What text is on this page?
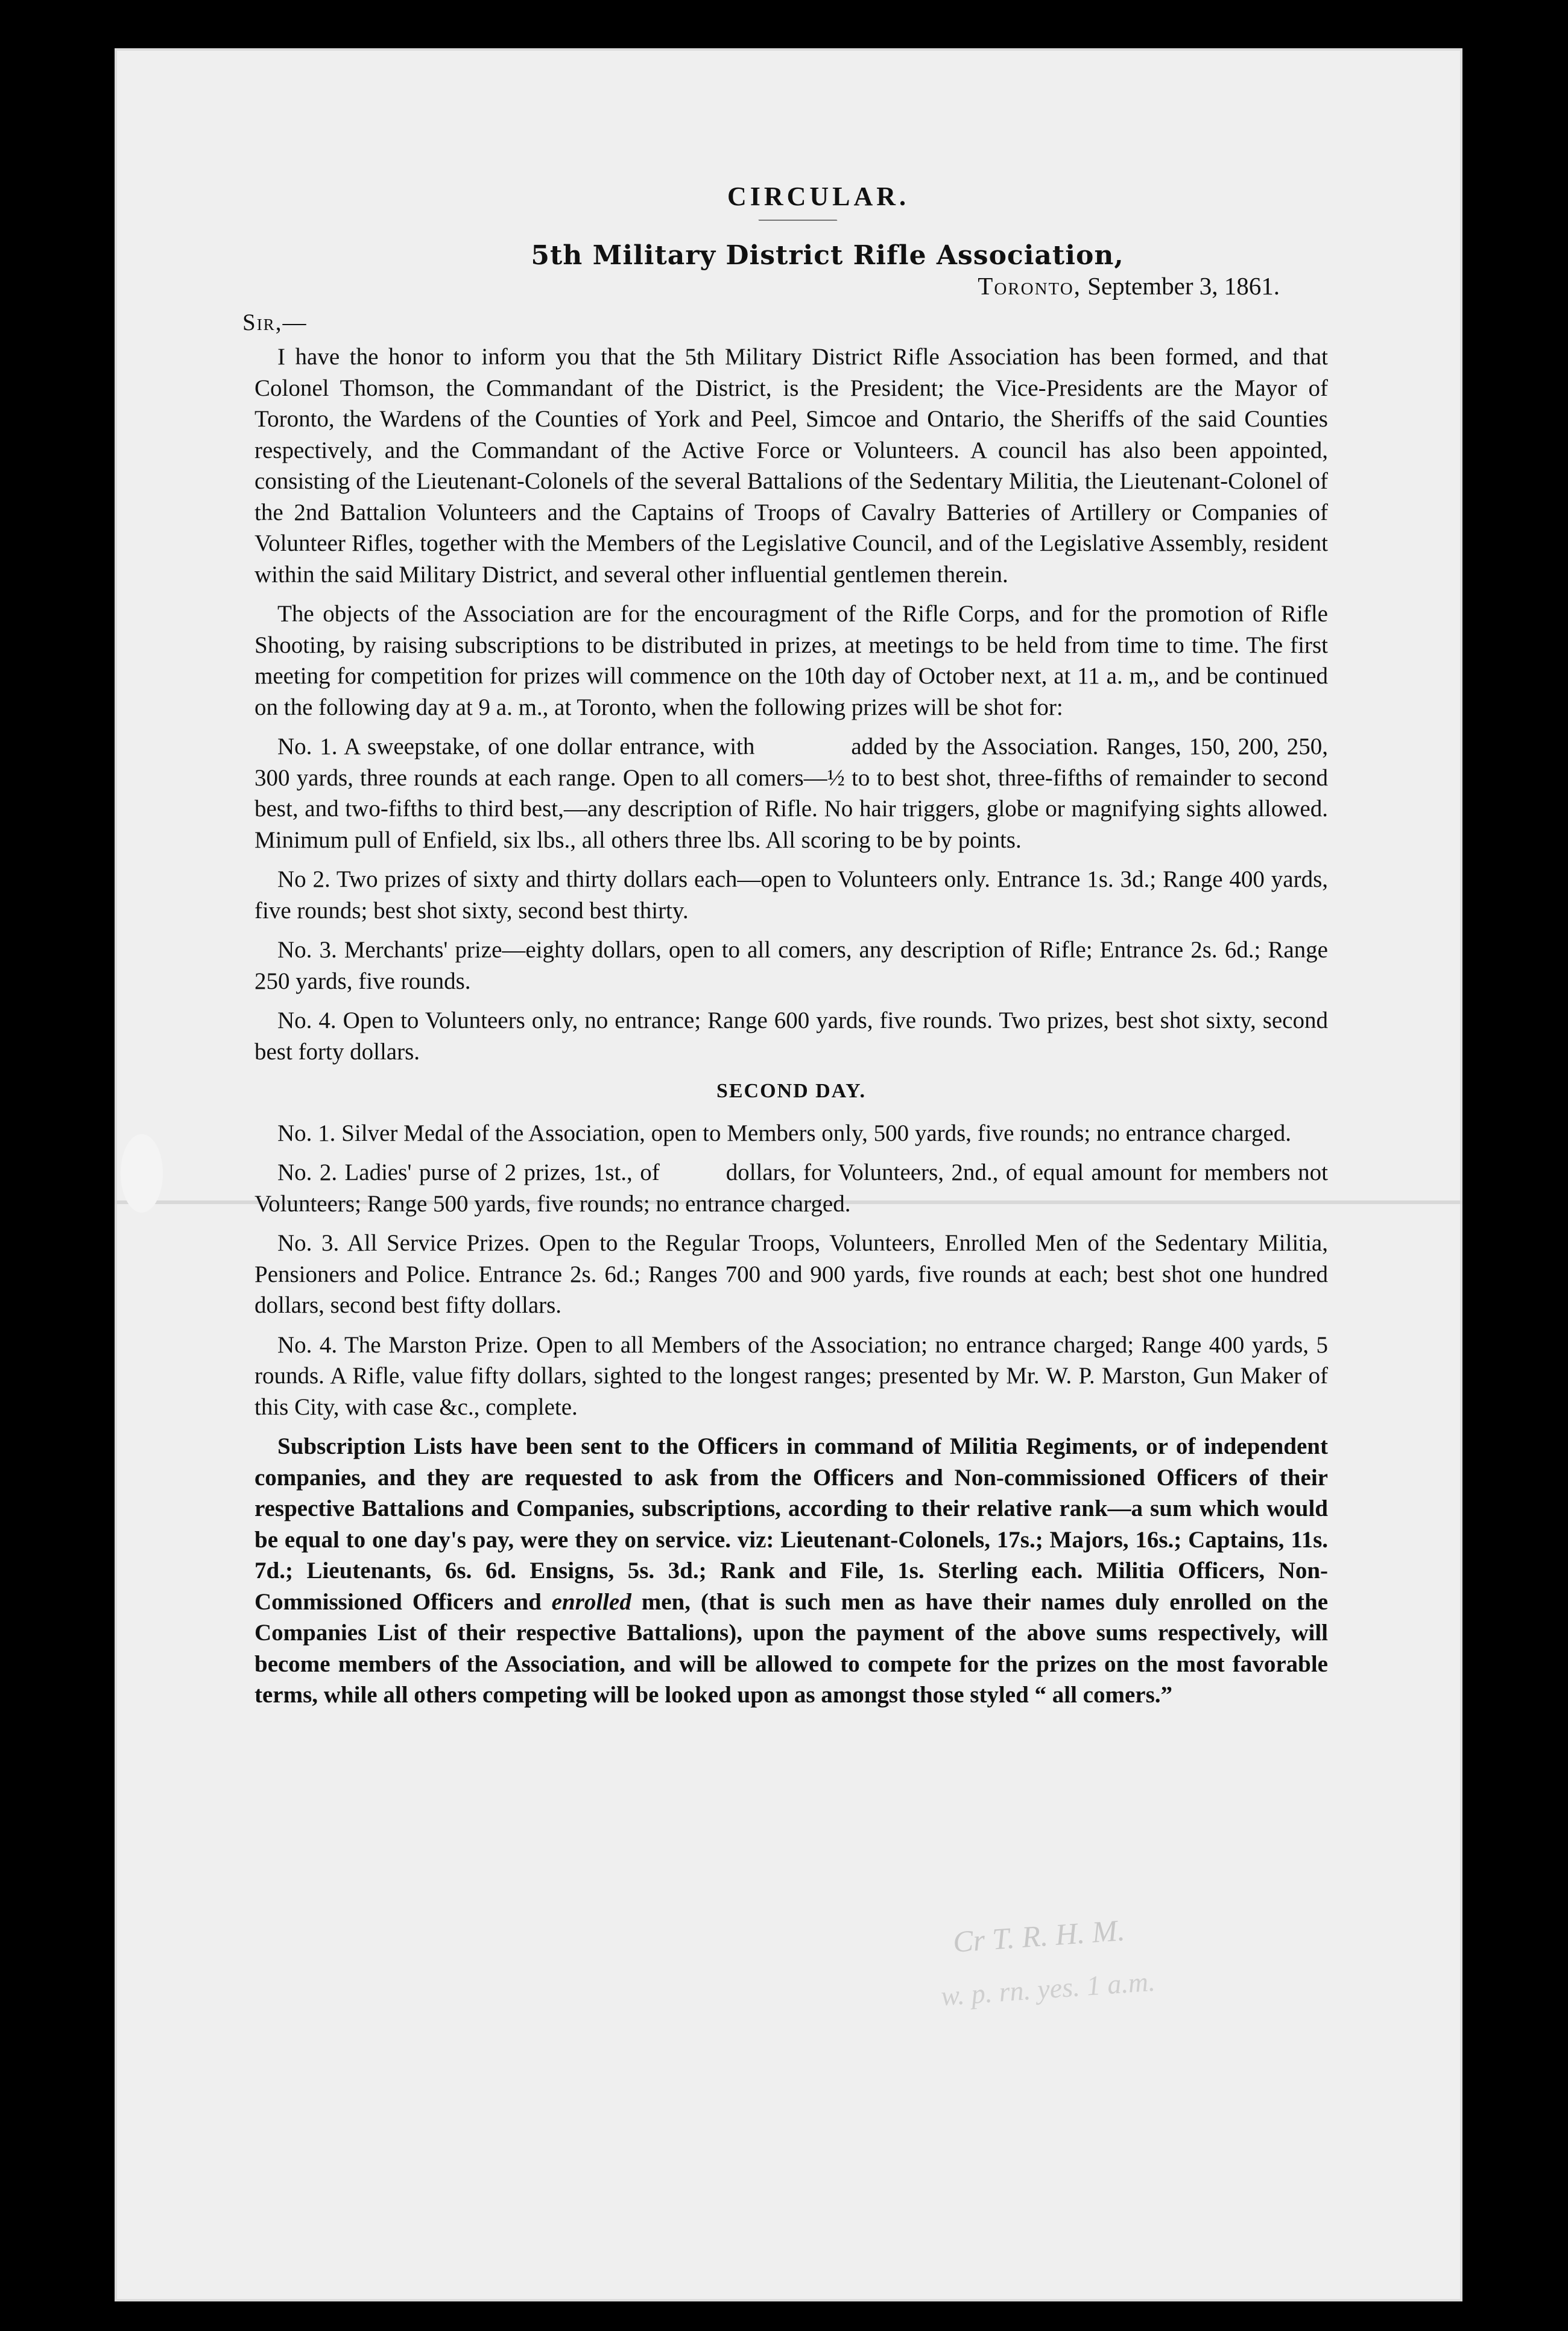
CIRCULAR.
5th Military District Rifle Association,
Toronto, September 3, 1861.
Sir,—

I have the honor to inform you that the 5th Military District Rifle Association has been formed, and that Colonel Thomson, the Commandant of the District, is the President; the Vice-Presidents are the Mayor of Toronto, the Wardens of the Counties of York and Peel, Simcoe and Ontario, the Sheriffs of the said Counties respectively, and the Commandant of the Active Force or Volunteers. A council has also been appointed, consisting of the Lieutenant-Colonels of the several Battalions of the Sedentary Militia, the Lieutenant-Colonel of the 2nd Battalion Volunteers and the Captains of Troops of Cavalry Batteries of Artillery or Companies of Volunteer Rifles, together with the Members of the Legislative Council, and of the Legislative Assembly, resident within the said Military District, and several other influential gentlemen therein.

The objects of the Association are for the encouragment of the Rifle Corps, and for the promotion of Rifle Shooting, by raising subscriptions to be distributed in prizes, at meetings to be held from time to time. The first meeting for competition for prizes will commence on the 10th day of October next, at 11 a. m,, and be continued on the following day at 9 a. m., at Toronto, when the following prizes will be shot for:

No. 1. A sweepstake, of one dollar entrance, with	added by the Association. Ranges, 150, 200, 250, 300 yards, three rounds at each range. Open to all comers—½ to to best shot, three-fifths of remainder to second best, and two-fifths to third best,—any description of Rifle. No hair triggers, globe or magnifying sights allowed. Minimum pull of Enfield, six lbs., all others three lbs. All scoring to be by points.

No 2. Two prizes of sixty and thirty dollars each—open to Volunteers only. Entrance 1s. 3d.; Range 400 yards, five rounds; best shot sixty, second best thirty.

No. 3. Merchants' prize—eighty dollars, open to all comers, any description of Rifle; Entrance 2s. 6d.; Range 250 yards, five rounds.

No. 4. Open to Volunteers only, no entrance; Range 600 yards, five rounds. Two prizes, best shot sixty, second best forty dollars.

SECOND DAY.

No. 1. Silver Medal of the Association, open to Members only, 500 yards, five rounds; no entrance charged.

No. 2. Ladies' purse of 2 prizes, 1st., of	dollars, for Volunteers, 2nd., of equal amount for members not Volunteers; Range 500 yards, five rounds; no entrance charged.

No. 3. All Service Prizes. Open to the Regular Troops, Volunteers, Enrolled Men of the Sedentary Militia, Pensioners and Police. Entrance 2s. 6d.; Ranges 700 and 900 yards, five rounds at each; best shot one hundred dollars, second best fifty dollars.

No. 4. The Marston Prize. Open to all Members of the Association; no entrance charged; Range 400 yards, 5 rounds. A Rifle, value fifty dollars, sighted to the longest ranges; presented by Mr. W. P. Marston, Gun Maker of this City, with case &c., complete.

Subscription Lists have been sent to the Officers in command of Militia Regiments, or of independent companies, and they are requested to ask from the Officers and Non-commissioned Officers of their respective Battalions and Companies, subscriptions, according to their relative rank—a sum which would be equal to one day's pay, were they on service. viz: Lieutenant-Colonels, 17s.; Majors, 16s.; Captains, 11s. 7d.; Lieutenants, 6s. 6d. Ensigns, 5s. 3d.; Rank and File, 1s. Sterling each. Militia Officers, Non-Commissioned Officers and enrolled men, (that is such men as have their names duly enrolled on the Companies List of their respective Battalions), upon the payment of the above sums respectively, will become members of the Association, and will be allowed to compete for the prizes on the most favorable terms, while all others competing will be looked upon as amongst those styled “ all comers.”

Cr T. R. H. M.
w. p. rn. yes. 1 a.m.
